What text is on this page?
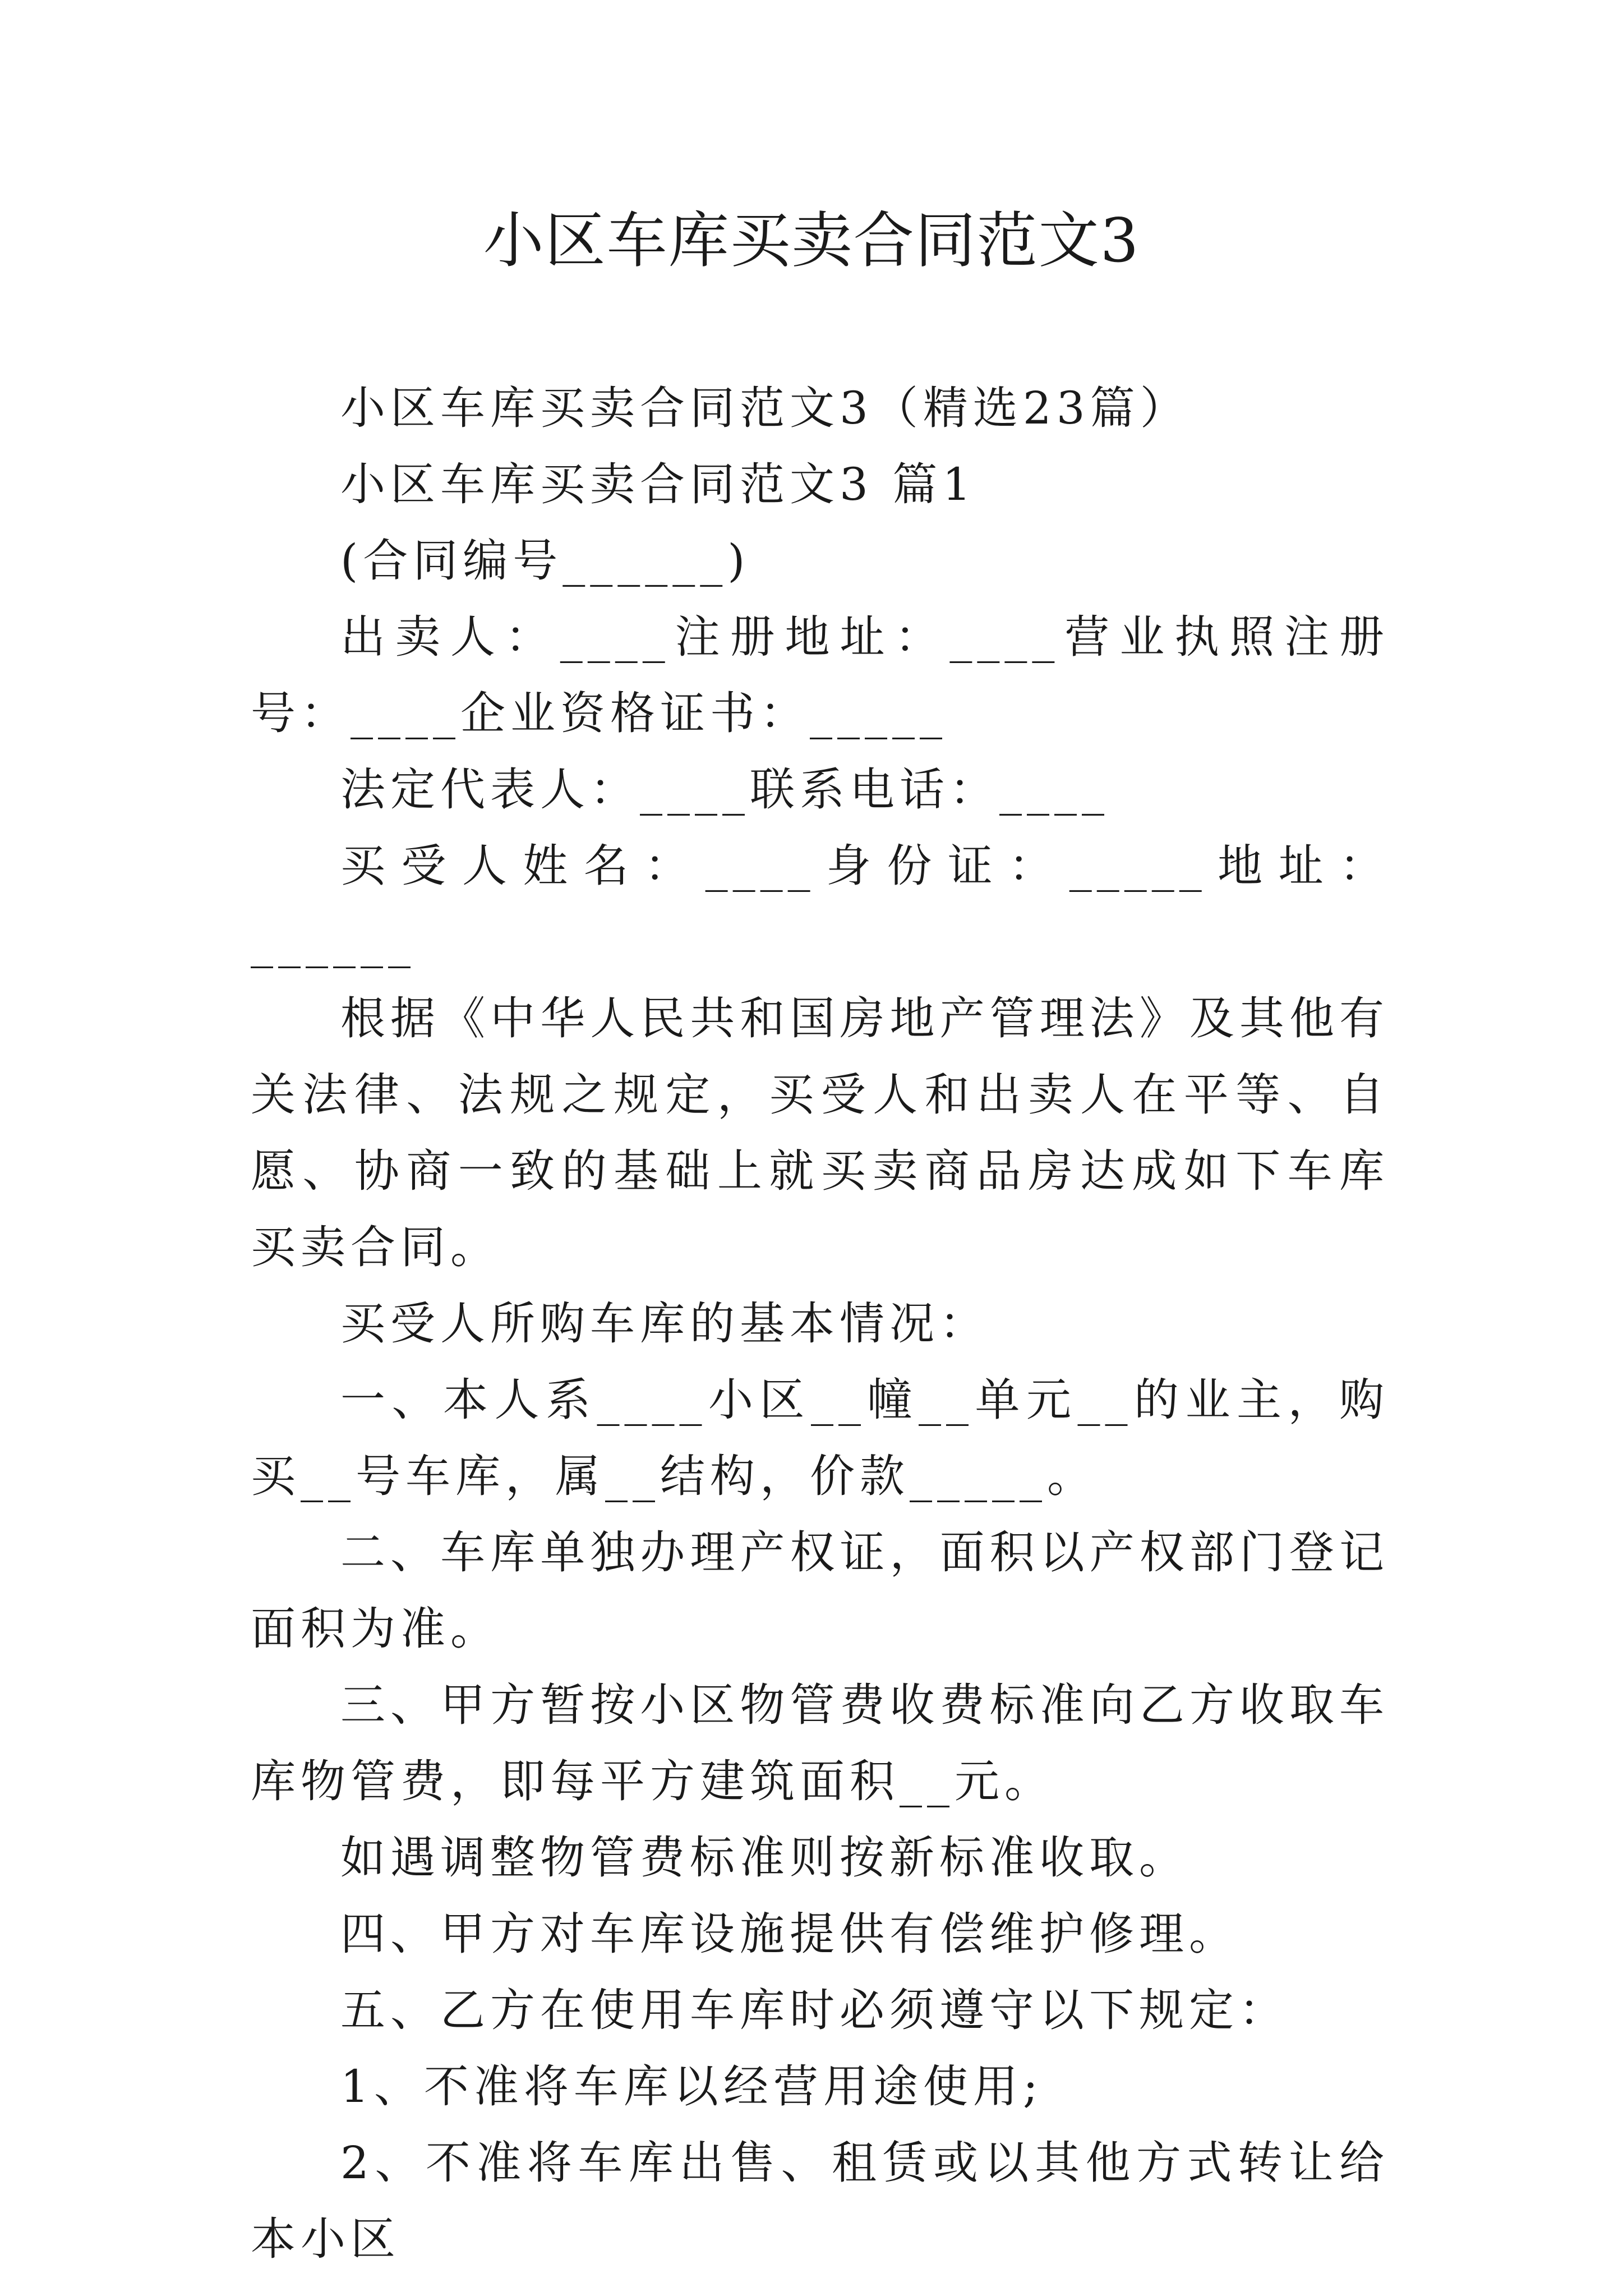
小区车库买卖合同范文3

小区车库买卖合同范文3（精选23篇）

小区车库买卖合同范文3 篇1

(合同编号______)

出卖人：____注册地址：____营业执照注册号：____企业资格证书：_____

法定代表人：____联系电话：____

买受人姓名：____身份证：_____地址：______

根据《中华人民共和国房地产管理法》及其他有关法律、法规之规定，买受人和出卖人在平等、自愿、协商一致的基础上就买卖商品房达成如下车库买卖合同。

买受人所购车库的基本情况：

一、本人系____小区__幢__单元__的业主，购买__号车库，属__结构，价款_____。

二、车库单独办理产权证，面积以产权部门登记面积为准。

三、甲方暂按小区物管费收费标准向乙方收取车库物管费，即每平方建筑面积__元。

如遇调整物管费标准则按新标准收取。

四、甲方对车库设施提供有偿维护修理。

五、乙方在使用车库时必须遵守以下规定：

1、不准将车库以经营用途使用;

2、不准将车库出售、租赁或以其他方式转让给本小区
